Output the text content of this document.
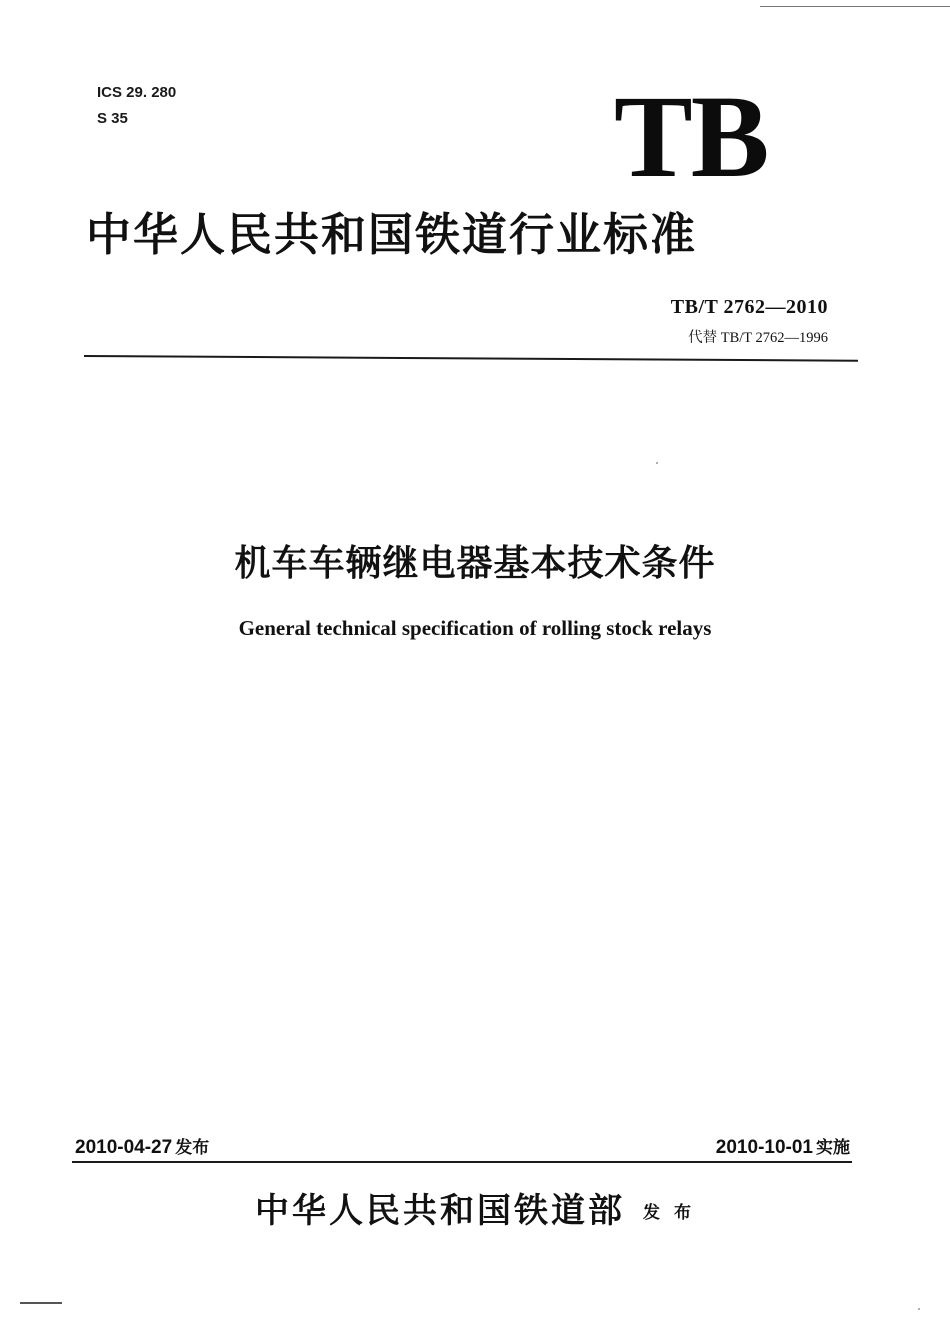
ICS 29. 280
S 35	TB
中华人民共和国铁道行业标准
TB/T 2762—2010
代替 TB/T 2762—1996
机车车辆继电器基本技术条件
General technical specification of rolling stock relays
2010-04-27 发布	2010-10-01 实施
中华人民共和国铁道部 发 布
